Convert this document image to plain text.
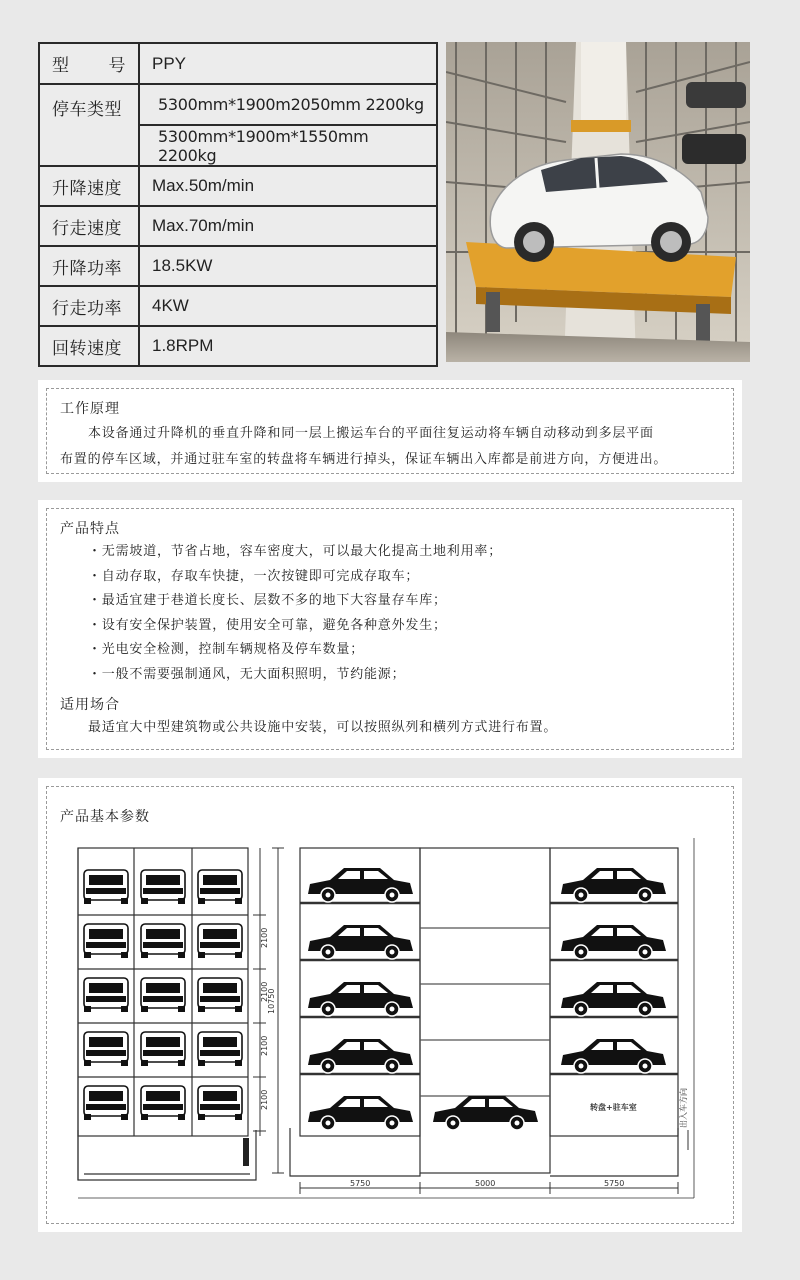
型 号	PPY
停车类型	5300mm*1900m2050mm 2200kg
	5300mm*1900m*1550mm 2200kg
升降速度	Max.50m/min
行走速度	Max.70m/min
升降功率	18.5KW
行走功率	4KW
回转速度	1.8RPM
工作原理
本设备通过升降机的垂直升降和同一层上搬运车台的平面往复运动将车辆自动移动到多层平面
布置的停车区域，并通过驻车室的转盘将车辆进行掉头，保证车辆出入库都是前进方向，方便进出。
产品特点
・无需坡道，节省占地，容车密度大，可以最大化提高土地利用率；
・自动存取，存取车快捷，一次按键即可完成存取车；
・最适宜建于巷道长度长、层数不多的地下大容量存车库；
・设有安全保护装置，使用安全可靠，避免各种意外发生；
・光电安全检测，控制车辆规格及停车数量；
・一般不需要强制通风，无大面积照明，节约能源；
适用场合
最适宜大中型建筑物或公共设施中安装，可以按照纵列和横列方式进行布置。
产品基本参数
2100
2100
2100
2100
10750
转盘+驻车室	出入车方向
5750	5000	5750
